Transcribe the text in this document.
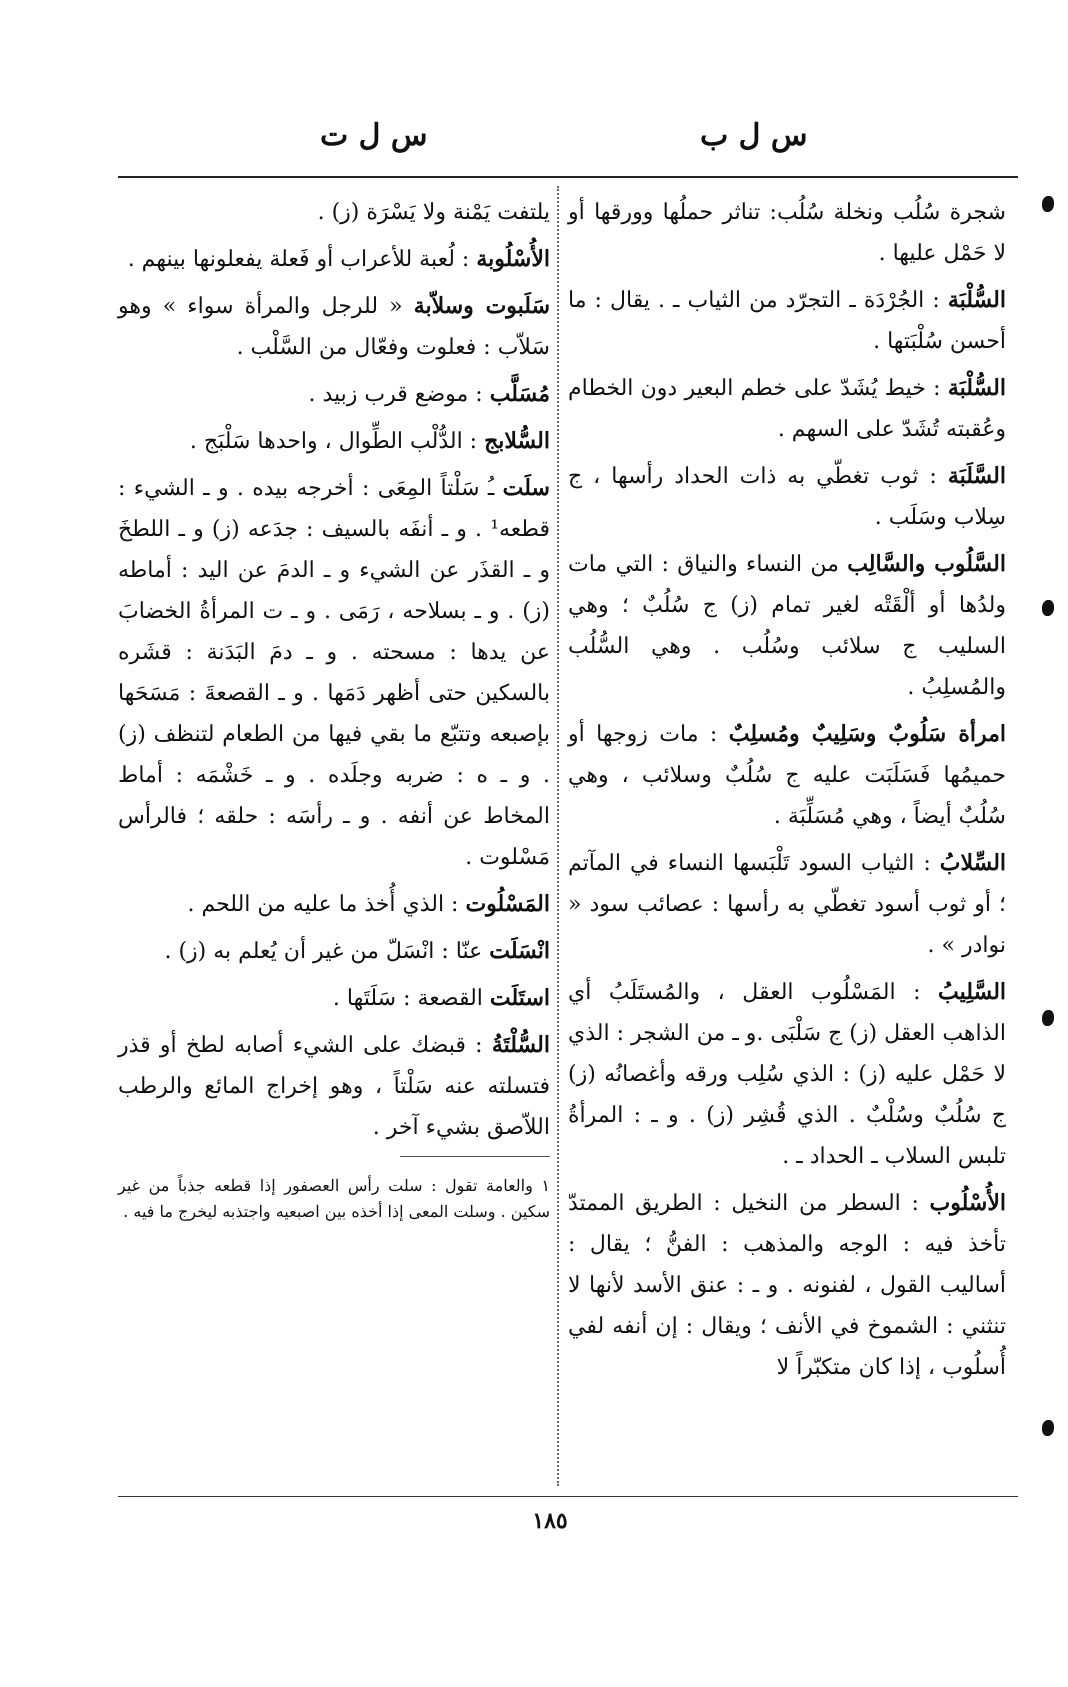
س ل ب
س ل ت

شجرة سُلُب ونخلة سُلُب: تناثر حملُها وورقها أو لا حَمْل عليها .

السُّلْبَة : الجُرْدَة ـ التجرّد من الثياب ـ . يقال : ما أحسن سُلْبَتها .

السُّلْبَة : خيط يُشَدّ على خطم البعير دون الخطام وعُقبته تُشَدّ على السهم .

السَّلَبَة : ثوب تغطّي به ذات الحداد رأسها ، ج سِلاب وسَلَب .

السَّلُوب والسَّالِب من النساء والنياق : التي مات ولدُها أو ألْقَتْه لغير تمام (ز) ج سُلُبٌ ؛ وهي السليب ج سلائب وسُلُب . وهي السُّلُب والمُسلِبُ .

امرأة سَلُوبٌ وسَلِيبٌ ومُسلِبٌ : مات زوجها أو حميمُها فَسَلَبَت عليه ج سُلُبٌ وسلائب ، وهي سُلُبٌ أيضاً ، وهي مُسَلِّبَة .

السِّلابُ : الثياب السود تَلْبَسها النساء في المآتم ؛ أو ثوب أسود تغطّي به رأسها : عصائب سود « نوادر » .

السَّلِيبُ : المَسْلُوب العقل ، والمُستَلَبُ أي الذاهب العقل (ز) ج سَلْبَى .و ـ من الشجر : الذي لا حَمْل عليه (ز) : الذي سُلِب ورقه وأغصانُه (ز) ج سُلُبٌ وسُلْبٌ . الذي قُشِر (ز) . و ـ : المرأةُ تلبس السلاب ـ الحداد ـ .

الأُسْلُوب : السطر من النخيل : الطريق الممتدّ تأخذ فيه : الوجه والمذهب : الفنُّ ؛ يقال : أساليب القول ، لفنونه . و ـ : عنق الأسد لأنها لا تنثني : الشموخ في الأنف ؛ ويقال : إن أنفه لفي أُسلُوب ، إذا كان متكبّراً لا

يلتفت يَمْنة ولا يَسْرَة (ز) .

الأُسْلُوبة : لُعبة للأعراب أو فَعلة يفعلونها بينهم .

سَلَبوت وسلاّبة « للرجل والمرأة سواء » وهو سَلاّب : فعلوت وفعّال من السَّلْب .

مُسَلَّب : موضع قرب زبيد .

السُّلابج : الدُّلْب الطِّوال ، واحدها سَلْبَج .

سلَت ـُ سَلْتاً المِعَى : أخرجه بيده . و ـ الشيء : قطعه¹ . و ـ أنفَه بالسيف : جدَعه (ز) و ـ اللطخَ و ـ القذَر عن الشيء و ـ الدمَ عن اليد : أماطه (ز) . و ـ بسلاحه ، رَمَى . و ـ ت المرأةُ الخضابَ عن يدها : مسحته . و ـ دمَ البَدَنة : قشَره بالسكين حتى أظهر دَمَها . و ـ القصعةَ : مَسَحَها بإصبعه وتتبّع ما بقي فيها من الطعام لتنظف (ز) . و ـ ه : ضربه وجلَده . و ـ خَشْمَه : أماط المخاط عن أنفه . و ـ رأسَه : حلقه ؛ فالرأس مَسْلوت .

المَسْلُوت : الذي أُخذ ما عليه من اللحم .

انْسَلَت عنّا : انْسَلّ من غير أن يُعلم به (ز) .

استَلَت القصعة : سَلَتَها .

السُّلْتَةُ : قبضك على الشيء أصابه لطخ أو قذر فتسلته عنه سَلْتاً ، وهو إخراج المائع والرطب اللاّصق بشيء آخر .

١ والعامة تقول : سلت رأس العصفور إذا قطعه جذباً من غير سكين . وسلت المعى إذا أخذه بين اصبعيه واجتذبه ليخرج ما فيه .

١٨٥
